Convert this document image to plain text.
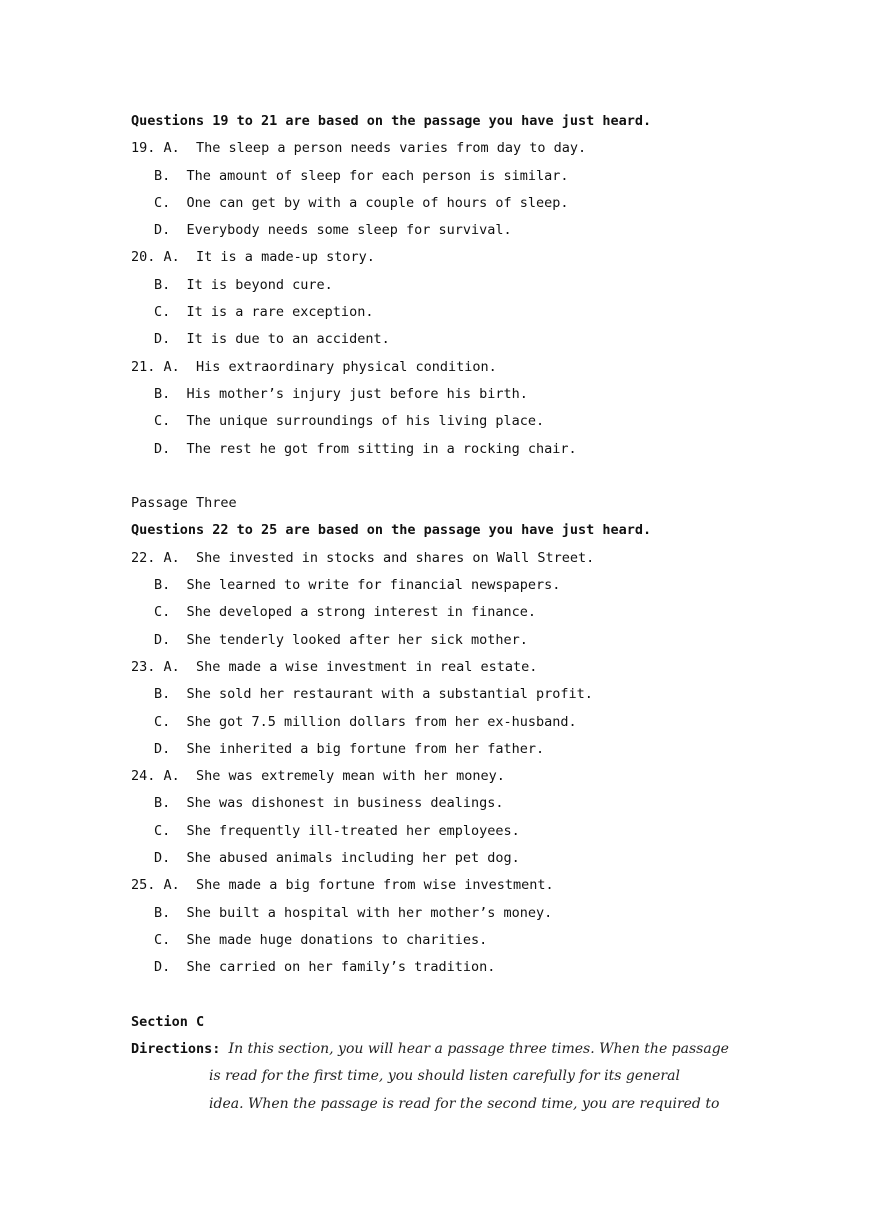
Questions 19 to 21 are based on the passage you have just heard.
19. A.  The sleep a person needs varies from day to day.
B.  The amount of sleep for each person is similar.
C.  One can get by with a couple of hours of sleep.
D.  Everybody needs some sleep for survival.
20. A.  It is a made-up story.
B.  It is beyond cure.
C.  It is a rare exception.
D.  It is due to an accident.
21. A.  His extraordinary physical condition.
B.  His mother’s injury just before his birth.
C.  The unique surroundings of his living place.
D.  The rest he got from sitting in a rocking chair.
Passage Three
Questions 22 to 25 are based on the passage you have just heard.
22. A.  She invested in stocks and shares on Wall Street.
B.  She learned to write for financial newspapers.
C.  She developed a strong interest in finance.
D.  She tenderly looked after her sick mother.
23. A.  She made a wise investment in real estate.
B.  She sold her restaurant with a substantial profit.
C.  She got 7.5 million dollars from her ex-husband.
D.  She inherited a big fortune from her father.
24. A.  She was extremely mean with her money.
B.  She was dishonest in business dealings.
C.  She frequently ill-treated her employees.
D.  She abused animals including her pet dog.
25. A.  She made a big fortune from wise investment.
B.  She built a hospital with her mother’s money.
C.  She made huge donations to charities.
D.  She carried on her family’s tradition.
Section C
Directions: In this section, you will hear a passage three times. When the passage
is read for the first time, you should listen carefully for its general
idea. When the passage is read for the second time, you are required to
